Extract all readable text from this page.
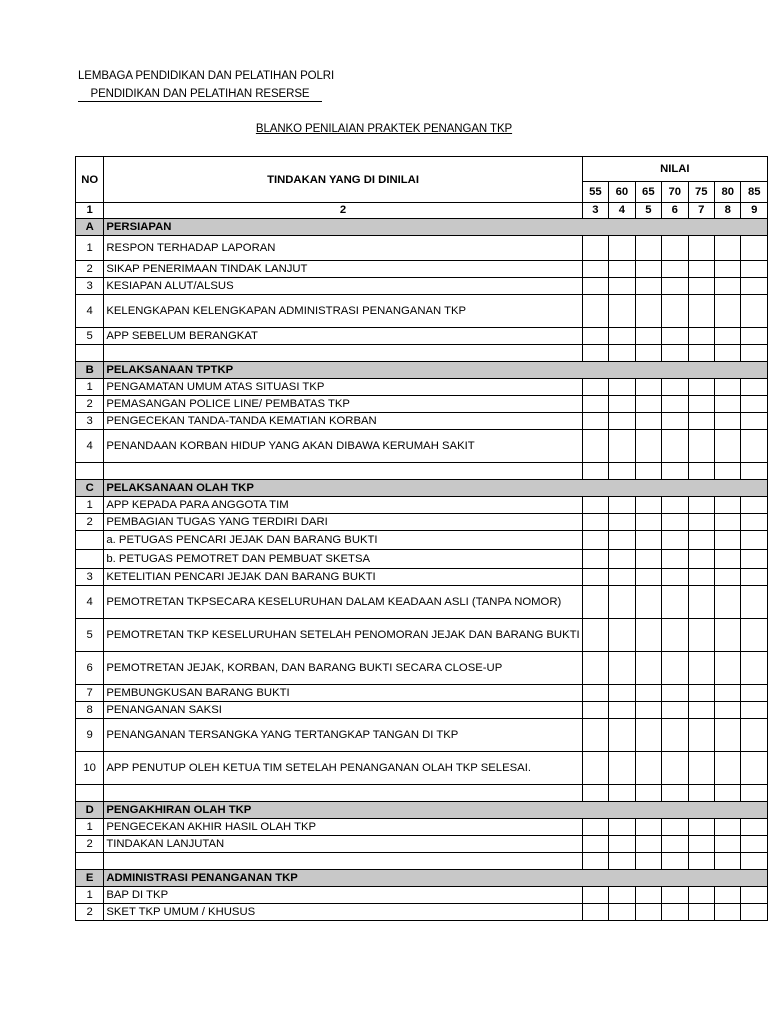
LEMBAGA PENDIDIKAN DAN PELATIHAN POLRI
PENDIDIKAN DAN PELATIHAN RESERSE
BLANKO PENILAIAN PRAKTEK PENANGAN TKP
NO	TINDAKAN YANG DI DINILAI	NILAI						
		55	60	65	70	75	80	85
1	2	3	4	5	6	7	8	9
A	PERSIAPAN							
1	RESPON TERHADAP LAPORAN							
2	SIKAP PENERIMAAN TINDAK LANJUT							
3	KESIAPAN ALUT/ALSUS							
4	KELENGKAPAN KELENGKAPAN ADMINISTRASI PENANGANAN TKP							
5	APP SEBELUM BERANGKAT							

B	PELAKSANAAN TPTKP							
1	PENGAMATAN UMUM ATAS SITUASI TKP							
2	PEMASANGAN POLICE LINE/ PEMBATAS TKP							
3	PENGECEKAN TANDA-TANDA KEMATIAN KORBAN							
4	PENANDAAN KORBAN HIDUP YANG AKAN DIBAWA KERUMAH SAKIT							

C	PELAKSANAAN OLAH TKP							
1	APP KEPADA PARA ANGGOTA TIM							
2	PEMBAGIAN TUGAS YANG TERDIRI DARI							
	a. PETUGAS PENCARI JEJAK DAN BARANG BUKTI							
	b. PETUGAS PEMOTRET DAN PEMBUAT SKETSA							
3	KETELITIAN PENCARI JEJAK DAN BARANG BUKTI							
4	PEMOTRETAN TKPSECARA KESELURUHAN DALAM KEADAAN ASLI (TANPA NOMOR)							
5	PEMOTRETAN TKP KESELURUHAN SETELAH PENOMORAN JEJAK DAN BARANG BUKTI							
6	PEMOTRETAN JEJAK, KORBAN, DAN BARANG BUKTI SECARA CLOSE-UP							
7	PEMBUNGKUSAN BARANG BUKTI							
8	PENANGANAN SAKSI							
9	PENANGANAN TERSANGKA YANG TERTANGKAP TANGAN DI TKP							
10	APP PENUTUP OLEH KETUA TIM SETELAH PENANGANAN OLAH TKP SELESAI.							

D	PENGAKHIRAN OLAH TKP							
1	PENGECEKAN AKHIR HASIL OLAH TKP							
2	TINDAKAN LANJUTAN							

E	ADMINISTRASI PENANGANAN TKP							
1	BAP DI TKP							
2	SKET TKP UMUM / KHUSUS							
